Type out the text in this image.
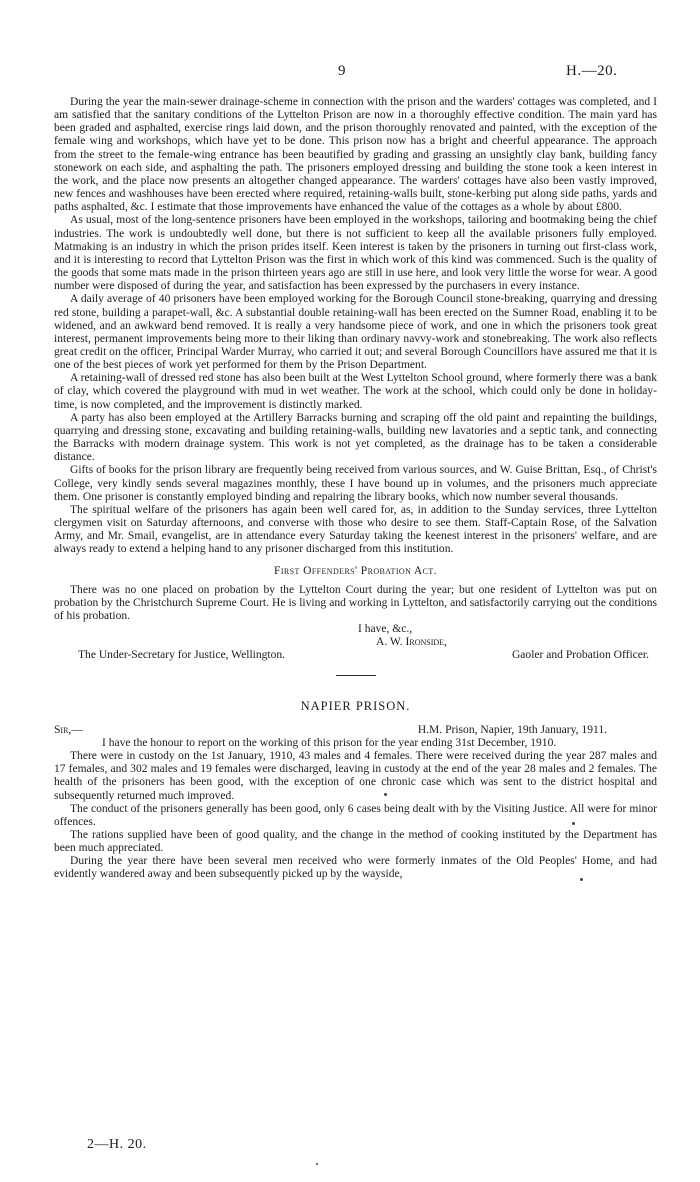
9	H.—20.

During the year the main-sewer drainage-scheme in connection with the prison and the warders' cottages was completed, and I am satisfied that the sanitary conditions of the Lyttelton Prison are now in a thoroughly effective condition. The main yard has been graded and asphalted, exercise rings laid down, and the prison thoroughly renovated and painted, with the exception of the female wing and workshops, which have yet to be done. This prison now has a bright and cheerful appearance. The approach from the street to the female-wing entrance has been beautified by grading and grassing an unsightly clay bank, building fancy stonework on each side, and asphalting the path. The prisoners employed dressing and building the stone took a keen interest in the work, and the place now presents an altogether changed appearance. The warders' cottages have also been vastly improved, new fences and washhouses have been erected where required, retaining-walls built, stone-kerbing put along side paths, yards and paths asphalted, &c. I estimate that those improvements have enhanced the value of the cottages as a whole by about £800.

As usual, most of the long-sentence prisoners have been employed in the workshops, tailoring and bootmaking being the chief industries. The work is undoubtedly well done, but there is not sufficient to keep all the available prisoners fully employed. Matmaking is an industry in which the prison prides itself. Keen interest is taken by the prisoners in turning out first-class work, and it is interesting to record that Lyttelton Prison was the first in which work of this kind was commenced. Such is the quality of the goods that some mats made in the prison thirteen years ago are still in use here, and look very little the worse for wear. A good number were disposed of during the year, and satisfaction has been expressed by the purchasers in every instance.

A daily average of 40 prisoners have been employed working for the Borough Council stone-breaking, quarrying and dressing red stone, building a parapet-wall, &c. A substantial double retaining-wall has been erected on the Sumner Road, enabling it to be widened, and an awkward bend removed. It is really a very handsome piece of work, and one in which the prisoners took great interest, permanent improvements being more to their liking than ordinary navvy-work and stonebreaking. The work also reflects great credit on the officer, Principal Warder Murray, who carried it out; and several Borough Councillors have assured me that it is one of the best pieces of work yet performed for them by the Prison Department.

A retaining-wall of dressed red stone has also been built at the West Lyttelton School ground, where formerly there was a bank of clay, which covered the playground with mud in wet weather. The work at the school, which could only be done in holiday-time, is now completed, and the improvement is distinctly marked.

A party has also been employed at the Artillery Barracks burning and scraping off the old paint and repainting the buildings, quarrying and dressing stone, excavating and building retaining-walls, building new lavatories and a septic tank, and connecting the Barracks with modern drainage system. This work is not yet completed, as the drainage has to be taken a considerable distance.

Gifts of books for the prison library are frequently being received from various sources, and W. Guise Brittan, Esq., of Christ's College, very kindly sends several magazines monthly, these I have bound up in volumes, and the prisoners much appreciate them. One prisoner is constantly employed binding and repairing the library books, which now number several thousands.

The spiritual welfare of the prisoners has again been well cared for, as, in addition to the Sunday services, three Lyttelton clergymen visit on Saturday afternoons, and converse with those who desire to see them. Staff-Captain Rose, of the Salvation Army, and Mr. Smail, evangelist, are in attendance every Saturday taking the keenest interest in the prisoners' welfare, and are always ready to extend a helping hand to any prisoner discharged from this institution.

First Offenders' Probation Act.

There was no one placed on probation by the Lyttelton Court during the year; but one resident of Lyttelton was put on probation by the Christchurch Supreme Court. He is living and working in Lyttelton, and satisfactorily carrying out the conditions of his probation.

I have, &c.,
A. W. Ironside,
The Under-Secretary for Justice, Wellington.	Gaoler and Probation Officer.
NAPIER PRISON.
Sir,—	H.M. Prison, Napier, 19th January, 1911.

I have the honour to report on the working of this prison for the year ending 31st December, 1910.

There were in custody on the 1st January, 1910, 43 males and 4 females. There were received during the year 287 males and 17 females, and 302 males and 19 females were discharged, leaving in custody at the end of the year 28 males and 2 females. The health of the prisoners has been good, with the exception of one chronic case which was sent to the district hospital and subsequently returned much improved.

The conduct of the prisoners generally has been good, only 6 cases being dealt with by the Visiting Justice. All were for minor offences.

The rations supplied have been of good quality, and the change in the method of cooking instituted by the Department has been much appreciated.

During the year there have been several men received who were formerly inmates of the Old Peoples' Home, and had evidently wandered away and been subsequently picked up by the wayside,

2—H. 20.
